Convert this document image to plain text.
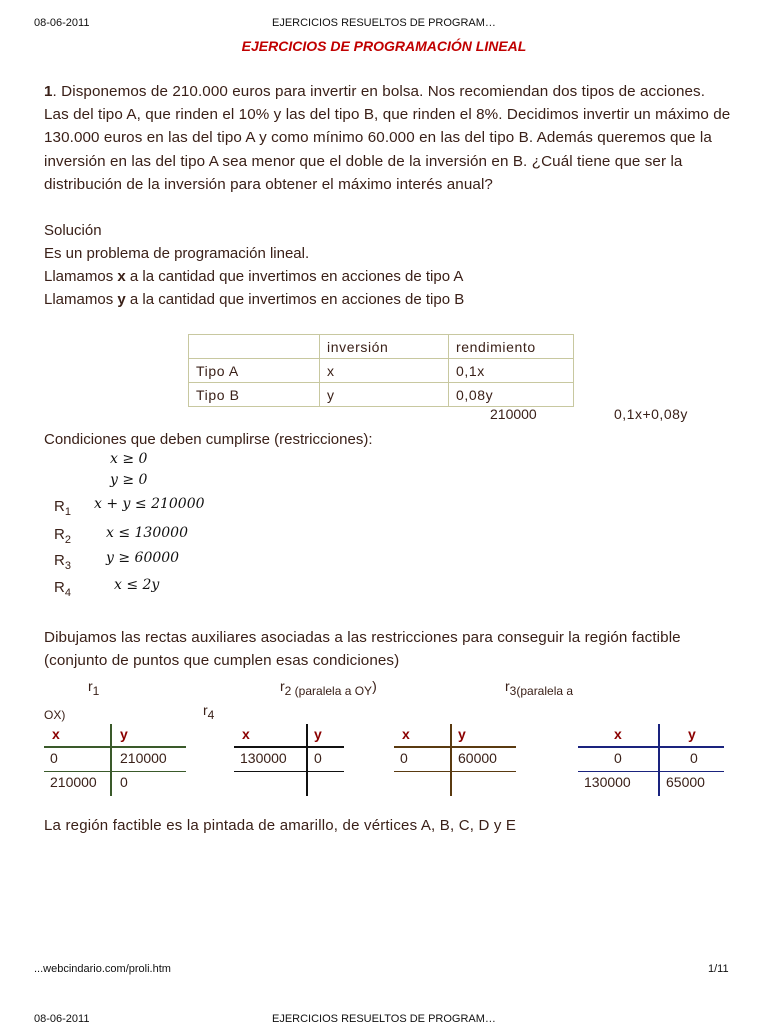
08-06-2011	EJERCICIOS RESUELTOS DE PROGRAM…
EJERCICIOS DE PROGRAMACIÓN LINEAL
1. Disponemos de 210.000 euros para invertir en bolsa. Nos recomiendan dos tipos de acciones. Las del tipo A, que rinden el 10% y las del tipo B, que rinden el 8%. Decidimos invertir un máximo de 130.000 euros en las del tipo A y como mínimo 60.000 en las del tipo B. Además queremos que la inversión en las del tipo A sea menor que el doble de la inversión en B. ¿Cuál tiene que ser la distribución de la inversión para obtener el máximo interés anual?
Solución
Es un problema de programación lineal.
Llamamos x a la cantidad que invertimos en acciones de tipo A
Llamamos y a la cantidad que invertimos en acciones de tipo B
	inversión	rendimiento
Tipo A	x	0,1x
Tipo B	y	0,08y
210000	0,1x+0,08y
Condiciones que deben cumplirse (restricciones):
x ≥ 0
y ≥ 0
$R_1$ x + y ≤ 210000
$R_2$	x ≤ 130000
$R_3$	y ≥ 60000
$R_4$	x ≤ 2y
Dibujamos las rectas auxiliares asociadas a las restricciones para conseguir la región factible (conjunto de puntos que cumplen esas condiciones)
$r_1$	$r_{2 (paralela a OY}$)	$r_{3(paralela a}$
OX)	$r_4$
x	y
0	210000
210000 0
x	y
130000 0
x	y
0	60000
x	y
0	0
130000	65000
La región factible es la pintada de amarillo, de vértices A, B, C, D y E
...webcindario.com/proli.htm	1/11
08-06-2011	EJERCICIOS RESUELTOS DE PROGRAM…
